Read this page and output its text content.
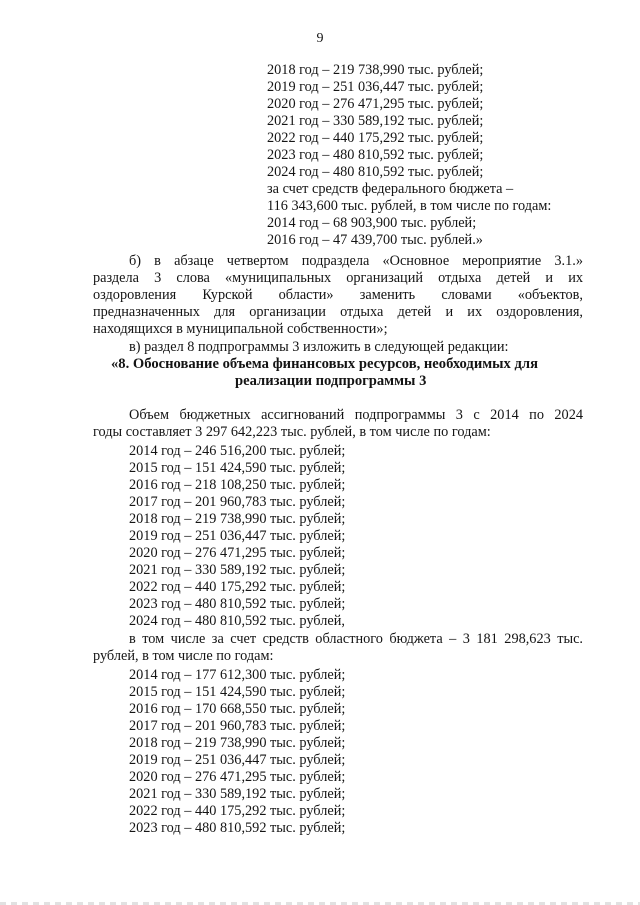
9
2018 год – 219 738,990 тыс. рублей;
2019 год – 251 036,447 тыс. рублей;
2020 год – 276 471,295 тыс. рублей;
2021 год – 330 589,192 тыс. рублей;
2022 год – 440 175,292 тыс. рублей;
2023 год – 480 810,592 тыс. рублей;
2024 год – 480 810,592 тыс. рублей;
за счет средств федерального бюджета –
116 343,600 тыс. рублей, в том числе по годам:
2014 год – 68 903,900 тыс. рублей;
2016 год – 47 439,700 тыс. рублей.»
б) в абзаце четвертом подраздела «Основное мероприятие 3.1.»
раздела 3 слова «муниципальных организаций отдыха детей и их
оздоровления Курской области» заменить словами «объектов,
предназначенных для организации отдыха детей и их оздоровления,
находящихся в муниципальной собственности»;
в) раздел 8 подпрограммы 3 изложить в следующей редакции:
«8. Обоснование объема финансовых ресурсов, необходимых для
реализации подпрограммы 3
Объем бюджетных ассигнований подпрограммы 3 с 2014 по 2024
годы составляет 3 297 642,223 тыс. рублей, в том числе по годам:
2014 год – 246 516,200 тыс. рублей;
2015 год – 151 424,590 тыс. рублей;
2016 год – 218 108,250 тыс. рублей;
2017 год – 201 960,783 тыс. рублей;
2018 год – 219 738,990 тыс. рублей;
2019 год – 251 036,447 тыс. рублей;
2020 год – 276 471,295 тыс. рублей;
2021 год – 330 589,192 тыс. рублей;
2022 год – 440 175,292 тыс. рублей;
2023 год – 480 810,592 тыс. рублей;
2024 год – 480 810,592 тыс. рублей,
в том числе за счет средств областного бюджета – 3 181 298,623 тыс.
рублей, в том числе по годам:
2014 год – 177 612,300 тыс. рублей;
2015 год – 151 424,590 тыс. рублей;
2016 год – 170 668,550 тыс. рублей;
2017 год – 201 960,783 тыс. рублей;
2018 год – 219 738,990 тыс. рублей;
2019 год – 251 036,447 тыс. рублей;
2020 год – 276 471,295 тыс. рублей;
2021 год – 330 589,192 тыс. рублей;
2022 год – 440 175,292 тыс. рублей;
2023 год – 480 810,592 тыс. рублей;
